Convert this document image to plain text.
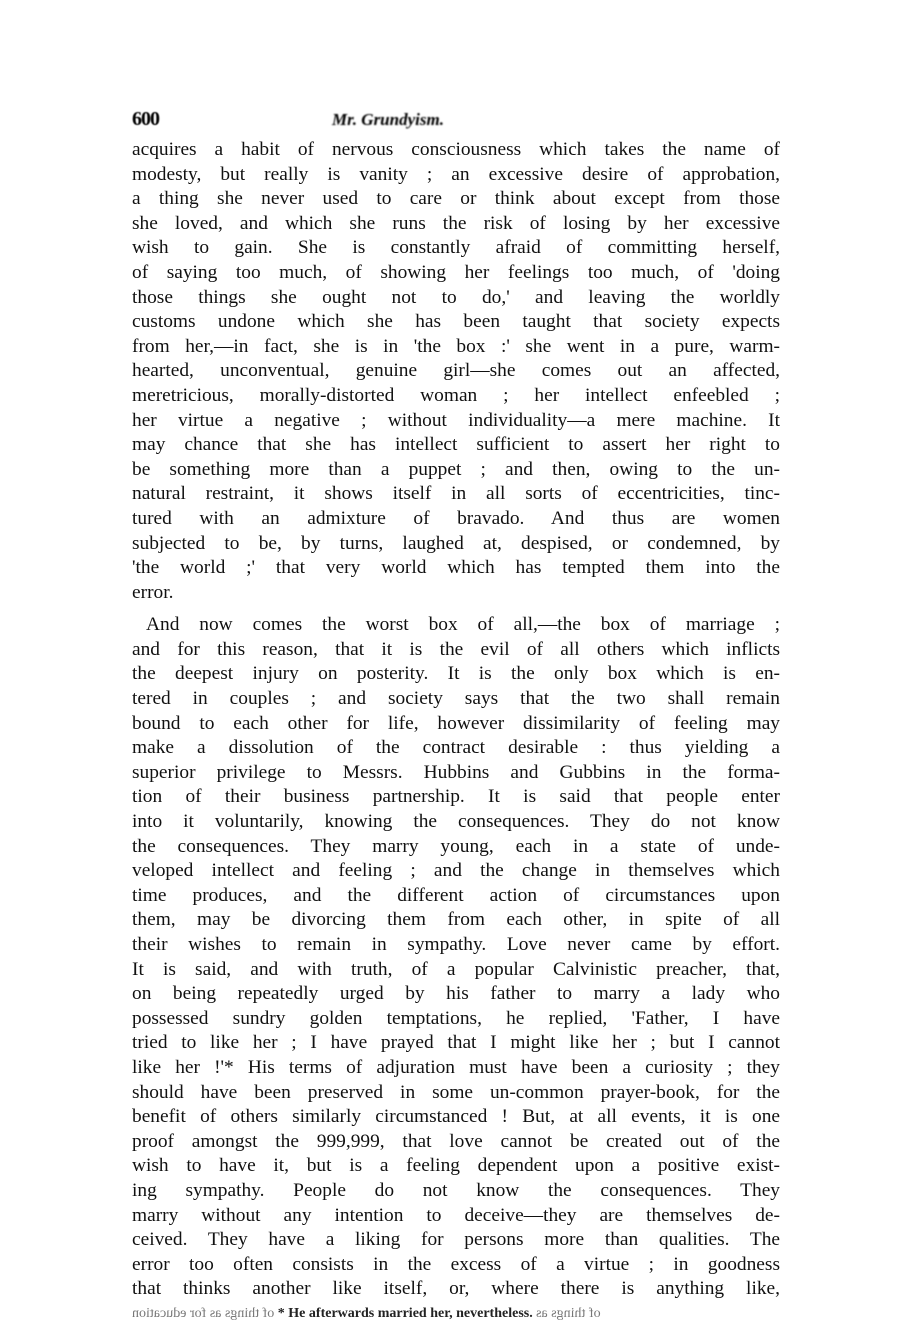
600	Mr. Grundyism.

acquires a habit of nervous consciousness which takes the name of
modesty, but really is vanity ; an excessive desire of approbation,
a thing she never used to care or think about except from those
she loved, and which she runs the risk of losing by her excessive
wish to gain. She is constantly afraid of committing herself,
of saying too much, of showing her feelings too much, of 'doing
those things she ought not to do,' and leaving the worldly
customs undone which she has been taught that society expects
from her,—in fact, she is in 'the box :' she went in a pure, warm-
hearted, unconventual, genuine girl—she comes out an affected,
meretricious, morally-distorted woman ; her intellect enfeebled ;
her virtue a negative ; without individuality—a mere machine. It
may chance that she has intellect sufficient to assert her right to
be something more than a puppet ; and then, owing to the un-
natural restraint, it shows itself in all sorts of eccentricities, tinc-
tured with an admixture of bravado. And thus are women
subjected to be, by turns, laughed at, despised, or condemned, by
'the world ;' that very world which has tempted them into the
error.

And now comes the worst box of all,—the box of marriage ;
and for this reason, that it is the evil of all others which inflicts
the deepest injury on posterity. It is the only box which is en-
tered in couples ; and society says that the two shall remain
bound to each other for life, however dissimilarity of feeling may
make a dissolution of the contract desirable : thus yielding a
superior privilege to Messrs. Hubbins and Gubbins in the forma-
tion of their business partnership. It is said that people enter
into it voluntarily, knowing the consequences. They do not know
the consequences. They marry young, each in a state of unde-
veloped intellect and feeling ; and the change in themselves which
time produces, and the different action of circumstances upon
them, may be divorcing them from each other, in spite of all
their wishes to remain in sympathy. Love never came by effort.
It is said, and with truth, of a popular Calvinistic preacher, that,
on being repeatedly urged by his father to marry a lady who
possessed sundry golden temptations, he replied, 'Father, I have
tried to like her ; I have prayed that I might like her ; but I cannot
like her !'* His terms of adjuration must have been a curiosity ; they
should have been preserved in some un-common prayer-book, for the
benefit of others similarly circumstanced ! But, at all events, it is one
proof amongst the 999,999, that love cannot be created out of the
wish to have it, but is a feeling dependent upon a positive exist-
ing sympathy. People do not know the consequences. They
marry without any intention to deceive—they are themselves de-
ceived. They have a liking for persons more than qualities. The
error too often consists in the excess of a virtue ; in goodness
that thinks another like itself, or, where there is anything like,

of things as for education * He afterwards married her, nevertheless. of things as
